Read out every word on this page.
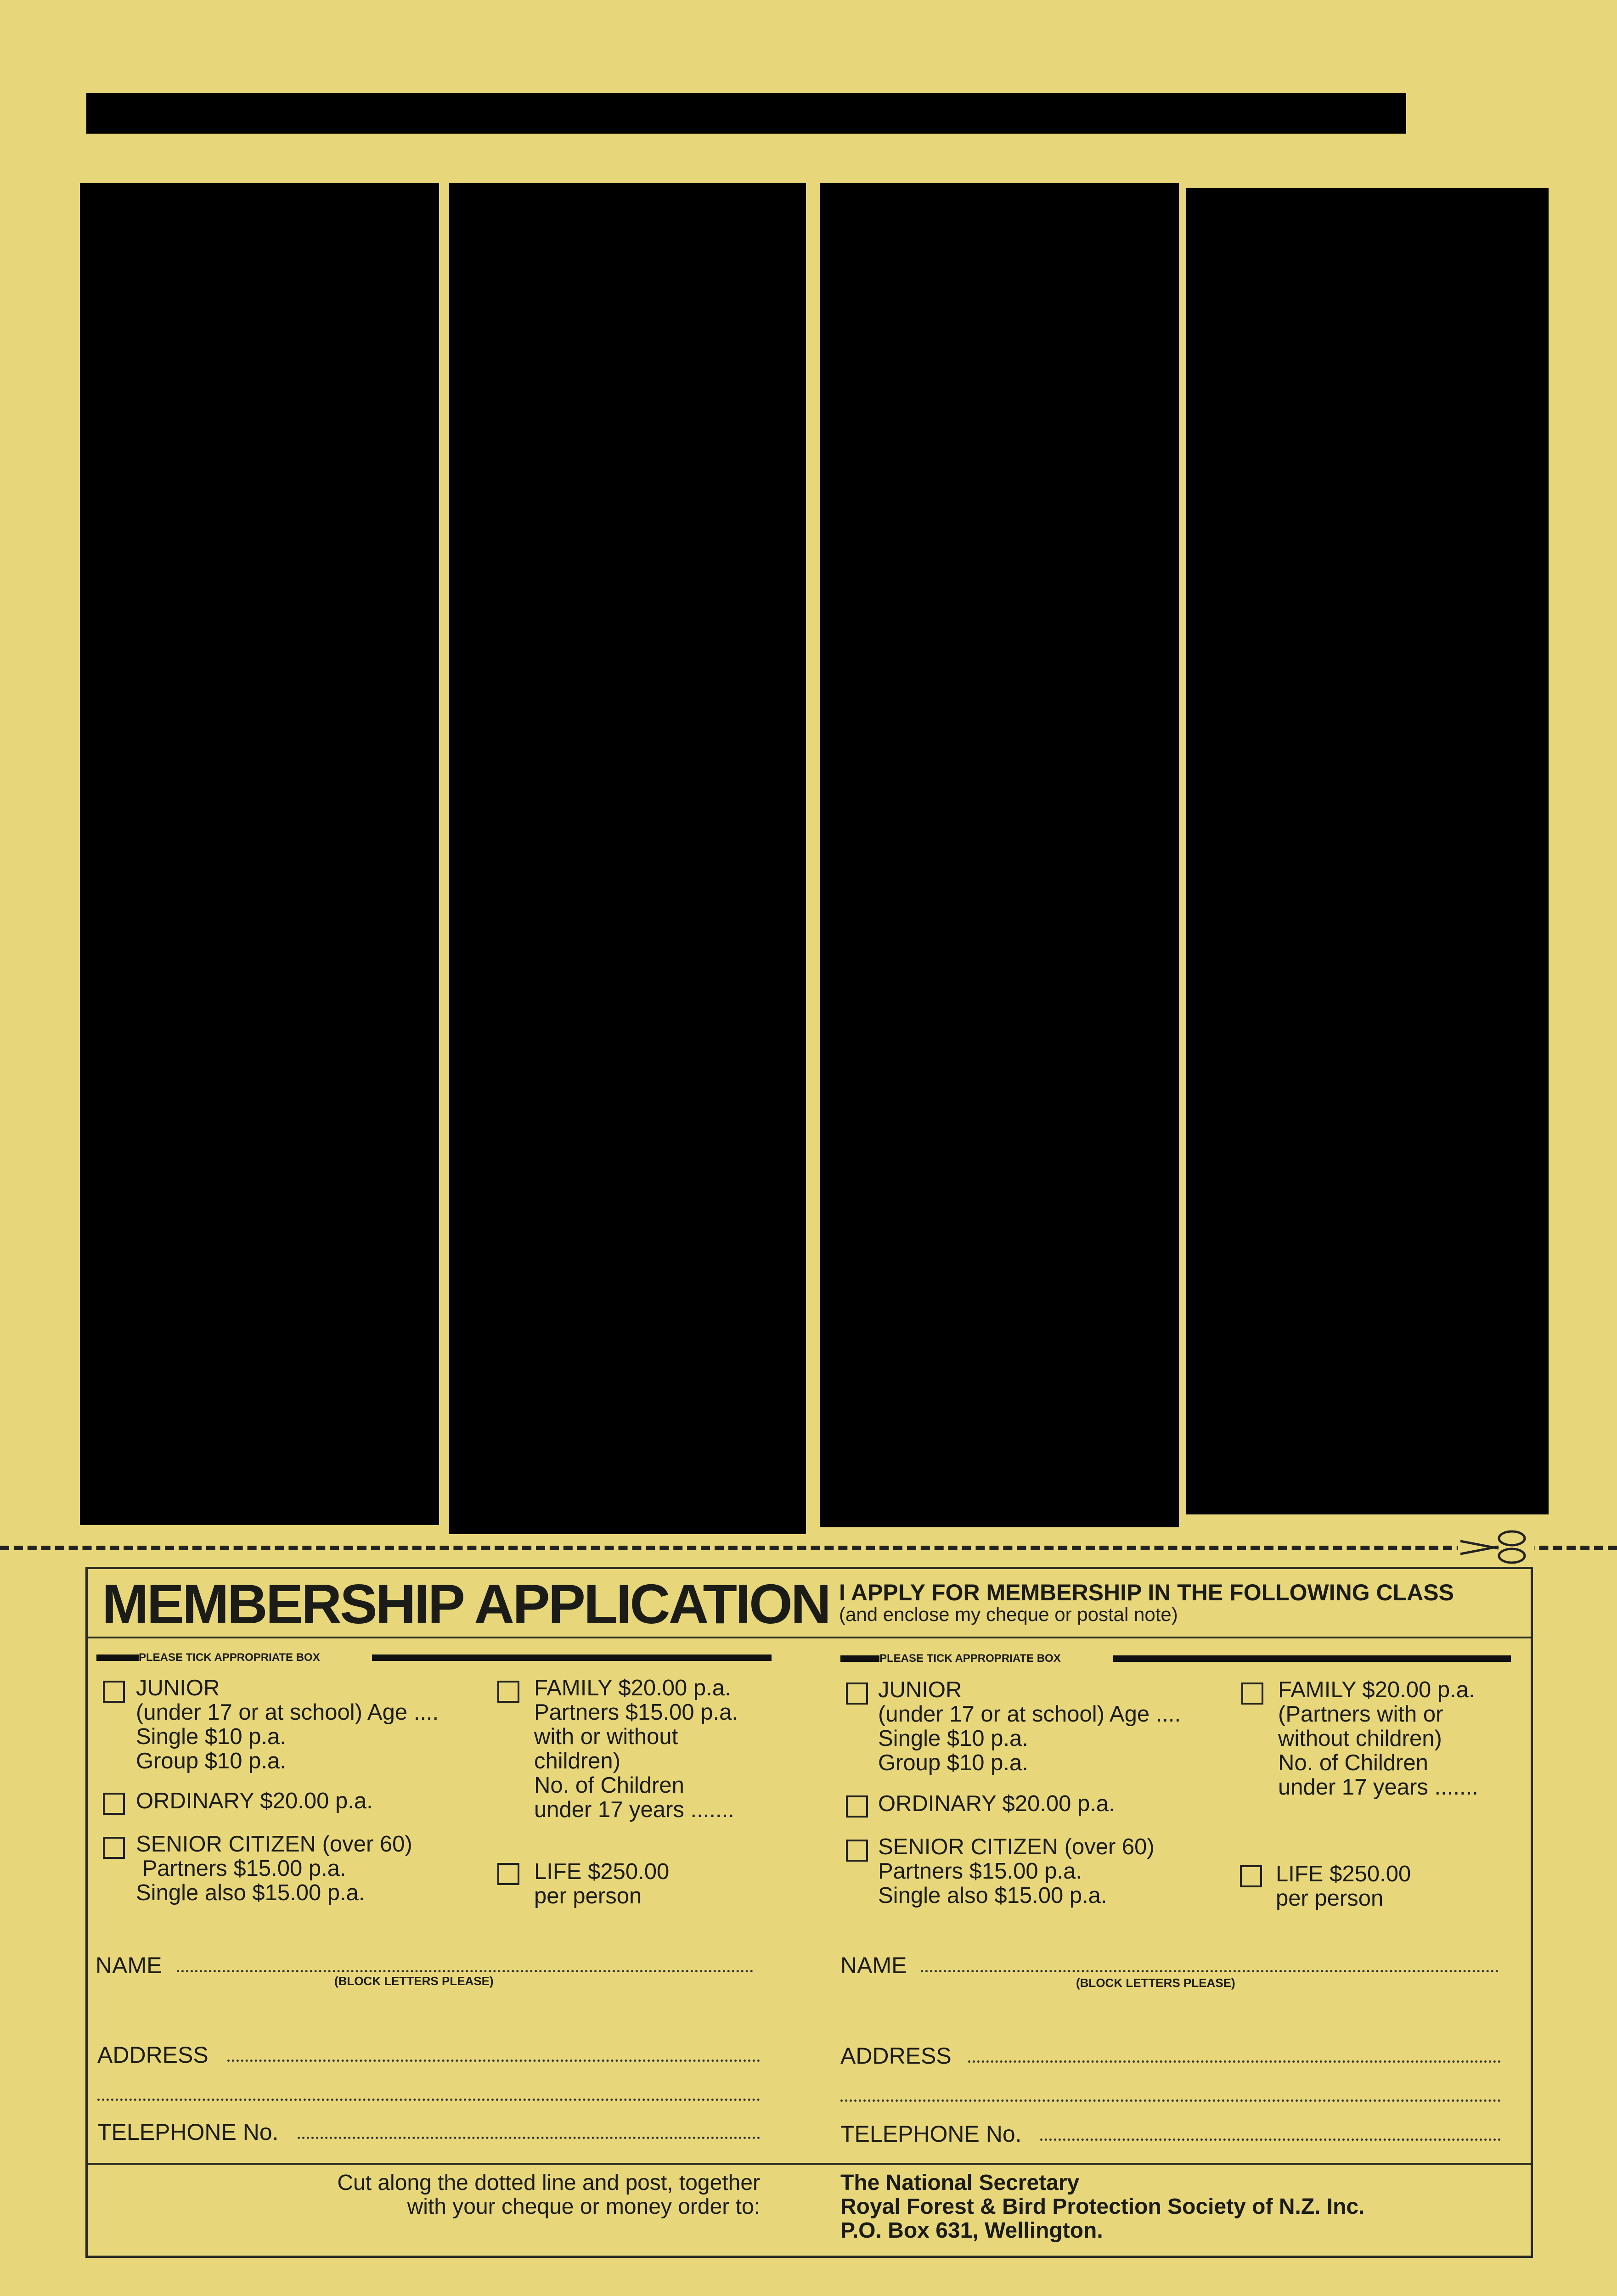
MEMBERSHIP APPLICATION I APPLY FOR MEMBERSHIP IN THE FOLLOWING CLASS
(and enclose my cheque or postal note)
PLEASE TICK APPROPRIATE BOX
JUNIOR
(under 17 or at school) Age ....
Single $10 p.a.
Group $10 p.a.
ORDINARY $20.00 p.a.
SENIOR CITIZEN (over 60)
Partners $15.00 p.a.
Single also $15.00 p.a.
FAMILY $20.00 p.a.
Partners $15.00 p.a.
with or without
children)
No. of Children
under 17 years .......
LIFE $250.00
per person
NAME
(BLOCK LETTERS PLEASE)
ADDRESS
TELEPHONE No.
PLEASE TICK APPROPRIATE BOX
JUNIOR
(under 17 or at school) Age ....
Single $10 p.a.
Group $10 p.a.
ORDINARY $20.00 p.a.
SENIOR CITIZEN (over 60)
Partners $15.00 p.a.
Single also $15.00 p.a.
FAMILY $20.00 p.a.
(Partners with or
without children)
No. of Children
under 17 years .......
LIFE $250.00
per person
NAME
(BLOCK LETTERS PLEASE)
ADDRESS
TELEPHONE No.
Cut along the dotted line and post, together
with your cheque or money order to:
The National Secretary
Royal Forest & Bird Protection Society of N.Z. Inc.
P.O. Box 631, Wellington.
